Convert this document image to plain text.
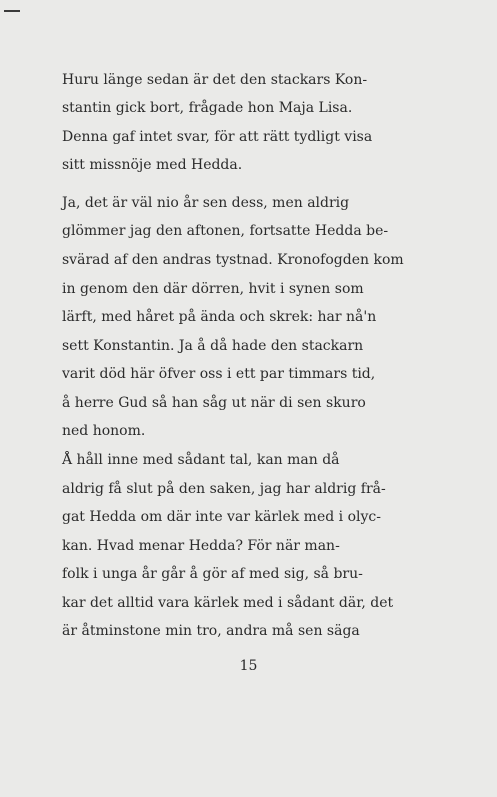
Huru länge sedan är det den stackars Kon-
stantin gick bort, frågade hon Maja Lisa.
Denna gaf intet svar, för att rätt tydligt visa
sitt missnöje med Hedda.
Ja, det är väl nio år sen dess, men aldrig
glömmer jag den aftonen, fortsatte Hedda be-
svärad af den andras tystnad. Kronofogden kom
in genom den där dörren, hvit i synen som
lärft, med håret på ända och skrek: har nå'n
sett Konstantin. Ja å då hade den stackarn
varit död här öfver oss i ett par timmars tid,
å herre Gud så han såg ut när di sen skuro
ned honom.
Å håll inne med sådant tal, kan man då
aldrig få slut på den saken, jag har aldrig frå-
gat Hedda om där inte var kärlek med i olyc-
kan. Hvad menar Hedda? För när man-
folk i unga år går å gör af med sig, så bru-
kar det alltid vara kärlek med i sådant där, det
är åtminstone min tro, andra må sen säga
15
